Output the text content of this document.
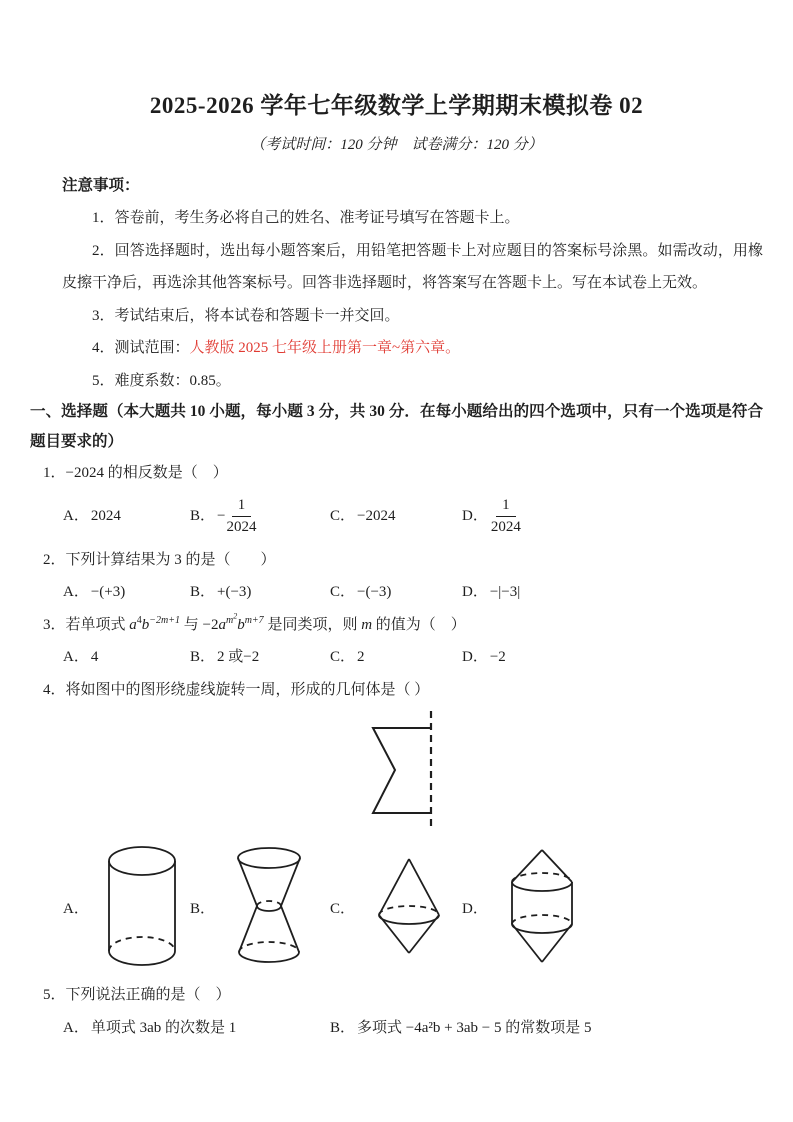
2025-2026 学年七年级数学上学期期末模拟卷 02

（考试时间：120 分钟　试卷满分：120 分）

注意事项：

1．答卷前，考生务必将自己的姓名、准考证号填写在答题卡上。

2．回答选择题时，选出每小题答案后，用铅笔把答题卡上对应题目的答案标号涂黑。如需改动，用橡皮擦干净后，再选涂其他答案标号。回答非选择题时，将答案写在答题卡上。写在本试卷上无效。

3．考试结束后，将本试卷和答题卡一并交回。

4．测试范围：人教版 2025 七年级上册第一章~第六章。

5．难度系数：0.85。

一、选择题（本大题共 10 小题，每小题 3 分，共 30 分．在每小题给出的四个选项中，只有一个选项是符合题目要求的）

1．−2024 的相反数是（　）

A． 2024	B． − $\frac{1}{2024}$	C． −2024	D． $\frac{1}{2024}$

2．下列计算结果为 3 的是（　　）

A． −(+3)	B． +(−3)	C． −(−3)	D． −|−3|

3．若单项式 $a^4b^{-2m+1}$ 与 $-2a^{m^2}b^{m+7}$ 是同类项，则 m 的值为（　）

A． 4	B． 2 或−2	C． 2	D． −2

4．将如图中的图形绕虚线旋转一周，形成的几何体是（ ）

A．	B．	C．	D．

5．下列说法正确的是（　）

A． 单项式 3ab 的次数是 1	B． 多项式 −4a²b + 3ab − 5 的常数项是 5
